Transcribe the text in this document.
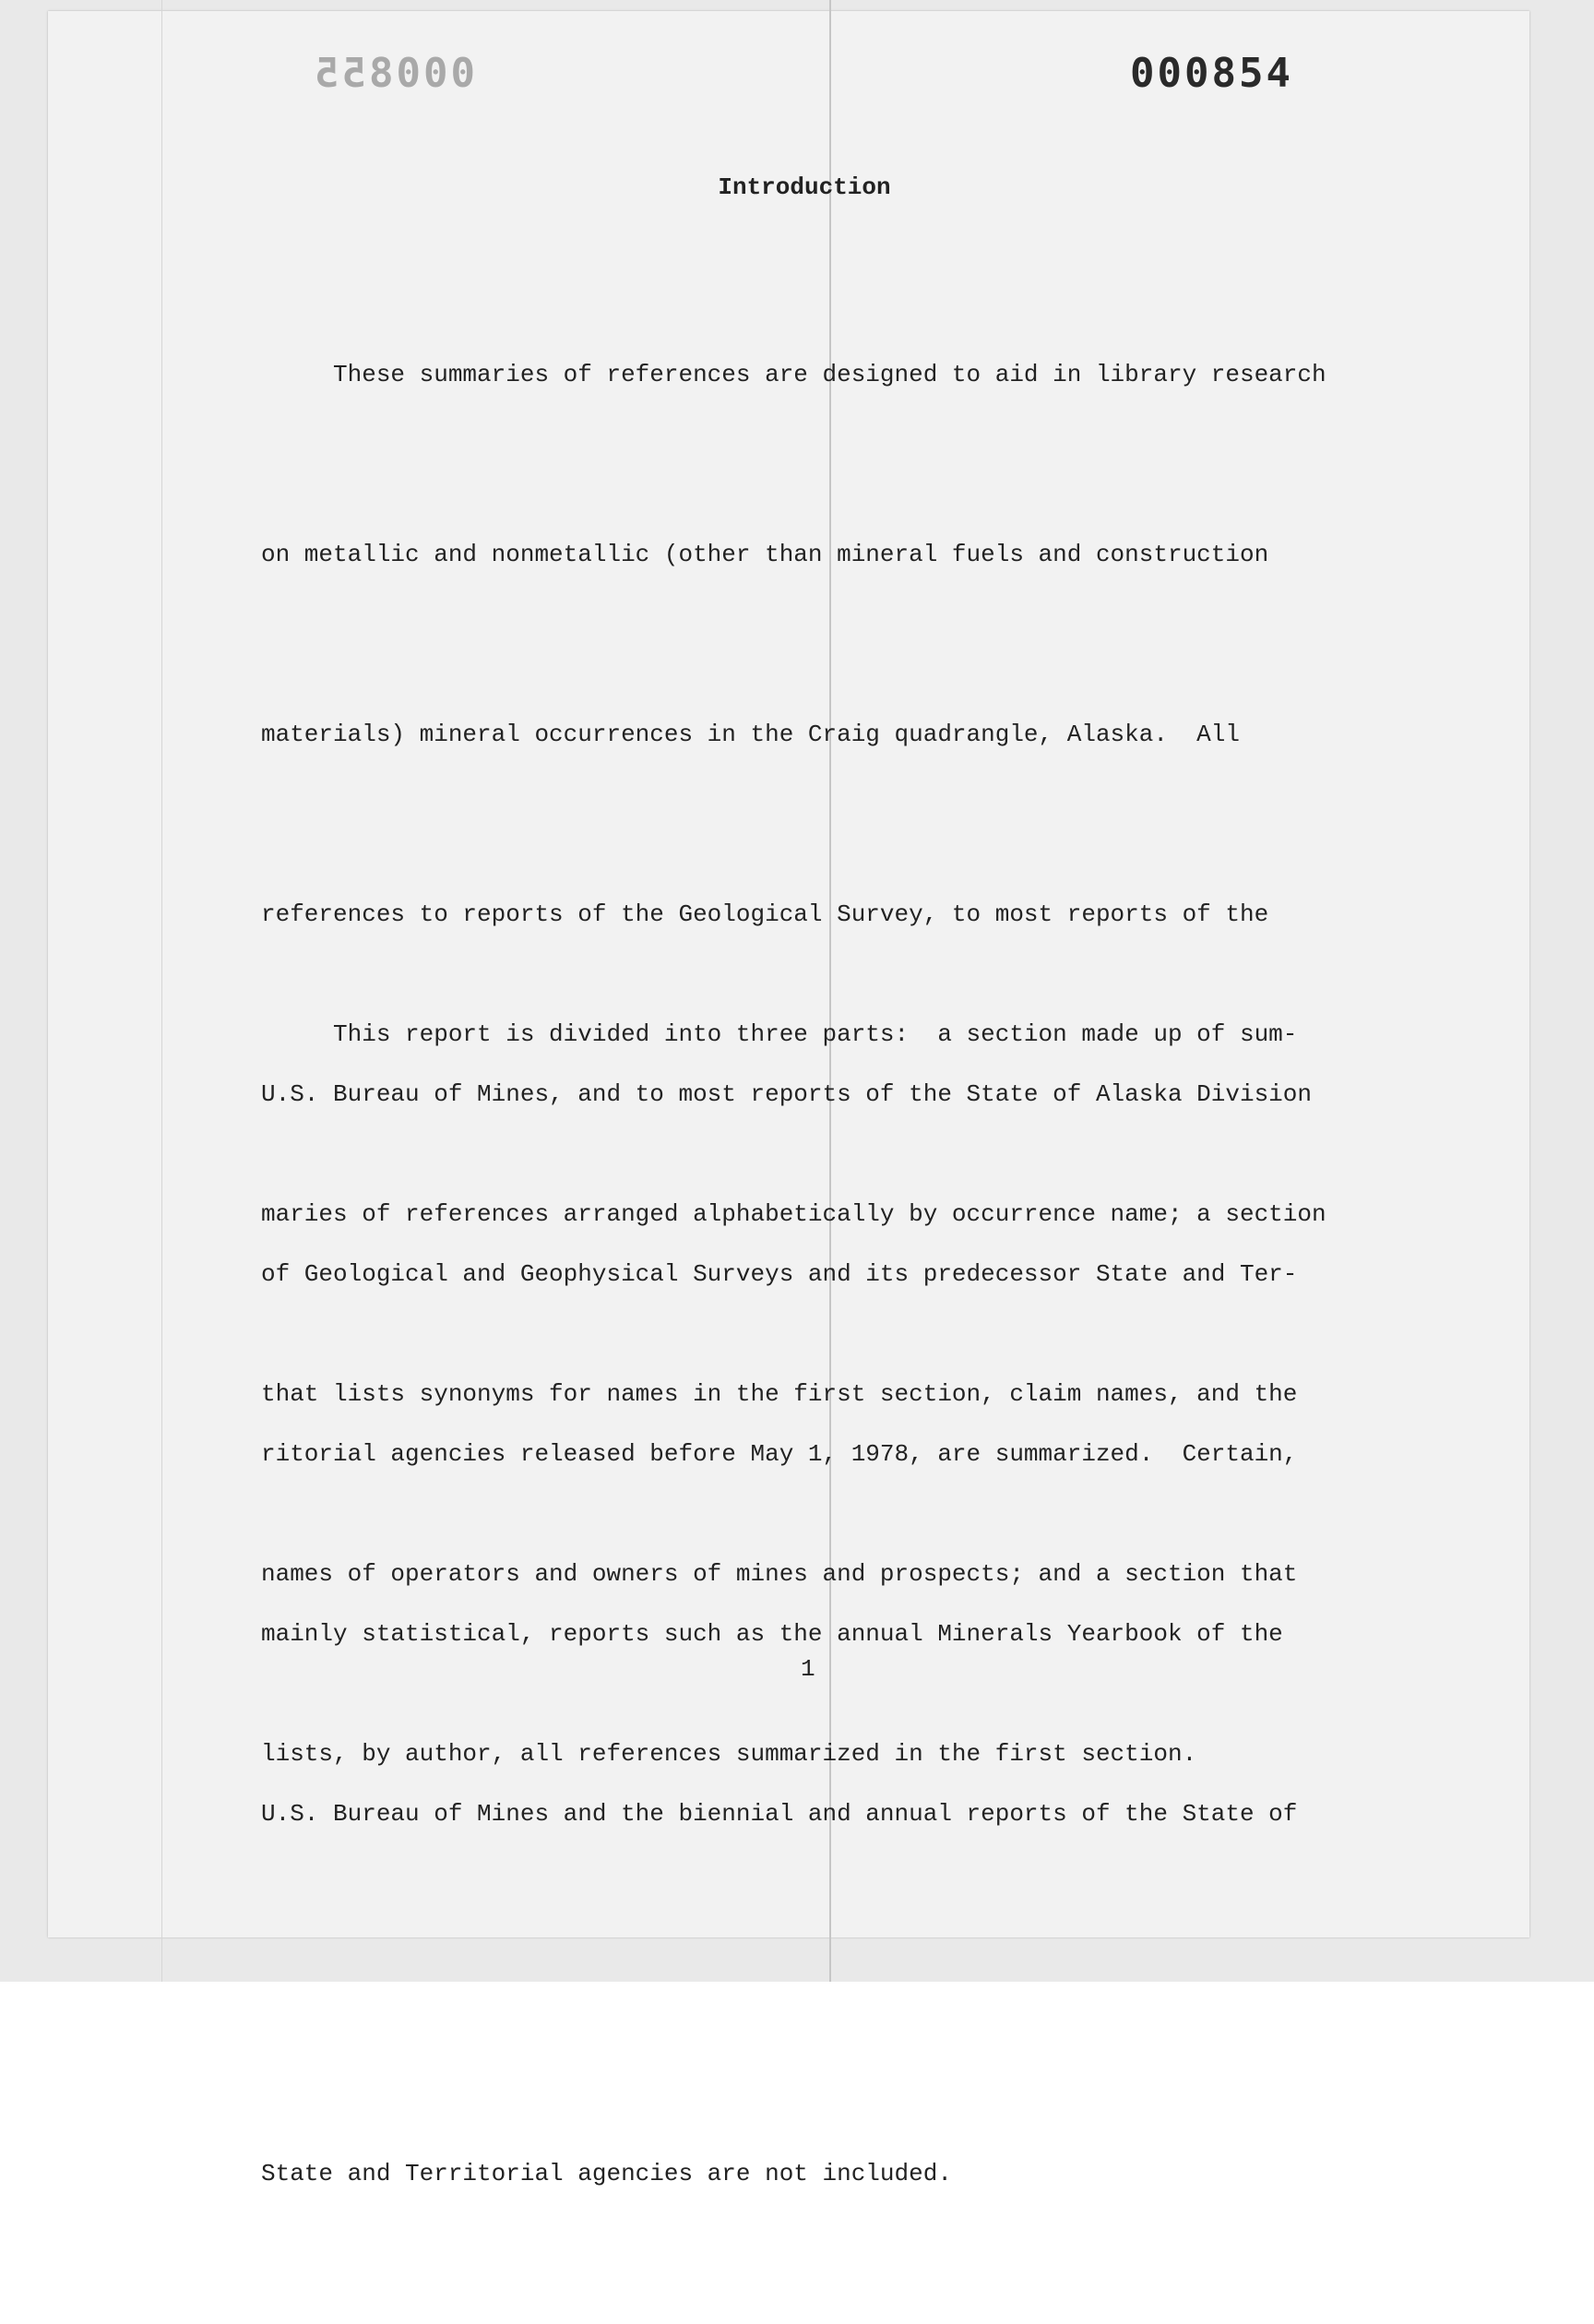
000855	000854
Introduction

These summaries of references are designed to aid in library research

on metallic and nonmetallic (other than mineral fuels and construction

materials) mineral occurrences in the Craig quadrangle, Alaska.  All

references to reports of the Geological Survey, to most reports of the

U.S. Bureau of Mines, and to most reports of the State of Alaska Division

of Geological and Geophysical Surveys and its predecessor State and Ter-

ritorial agencies released before May 1, 1978, are summarized.  Certain,

mainly statistical, reports such as the annual Minerals Yearbook of the

U.S. Bureau of Mines and the biennial and annual reports of the State of

State and Territorial agencies are not included.

This report is divided into three parts:  a section made up of sum-

maries of references arranged alphabetically by occurrence name; a section

that lists synonyms for names in the first section, claim names, and the

names of operators and owners of mines and prospects; and a section that

lists, by author, all references summarized in the first section.

1
